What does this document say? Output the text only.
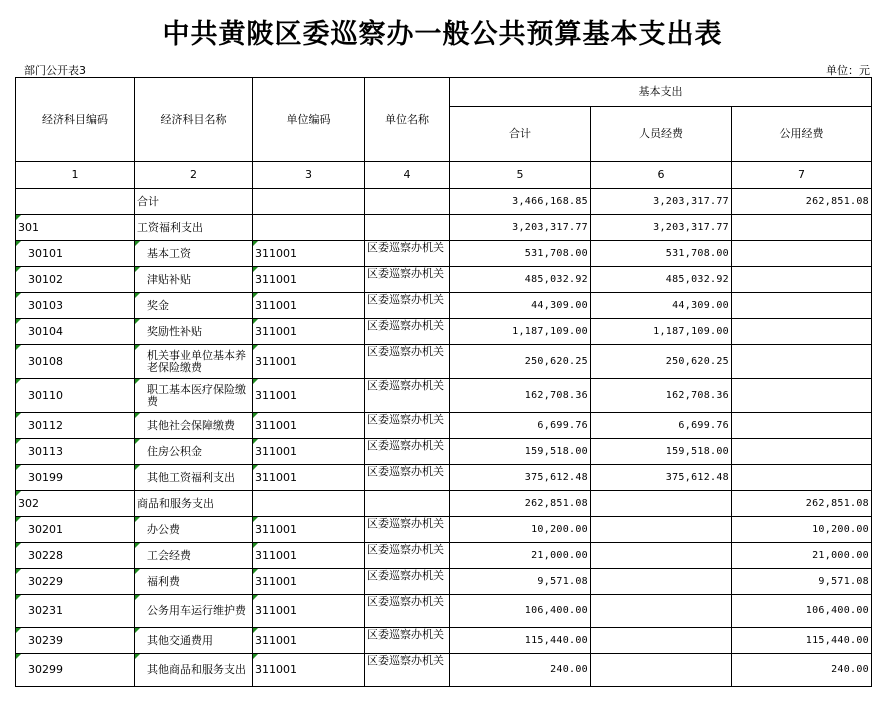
中共黄陂区委巡察办一般公共预算基本支出表
部门公开表3	单位：元
经济科目编码	经济科目名称	单位编码	单位名称	基本支出		
				合计	人员经费	公用经费
1	2	3	4	5	6	7
	合计			3,466,168.85	3,203,317.77	262,851.08
301	工资福利支出			3,203,317.77	3,203,317.77	
30101	基本工资	311001	区委巡察办机关	531,708.00	531,708.00	
30102	津贴补贴	311001	区委巡察办机关	485,032.92	485,032.92	
30103	奖金	311001	区委巡察办机关	44,309.00	44,309.00	
30104	奖励性补贴	311001	区委巡察办机关	1,187,109.00	1,187,109.00	
30108	机关事业单位基本养老保险缴费	311001	区委巡察办机关	250,620.25	250,620.25	
30110	职工基本医疗保险缴费	311001	区委巡察办机关	162,708.36	162,708.36	
30112	其他社会保障缴费	311001	区委巡察办机关	6,699.76	6,699.76	
30113	住房公积金	311001	区委巡察办机关	159,518.00	159,518.00	
30199	其他工资福利支出	311001	区委巡察办机关	375,612.48	375,612.48	
302	商品和服务支出			262,851.08		262,851.08
30201	办公费	311001	区委巡察办机关	10,200.00		10,200.00
30228	工会经费	311001	区委巡察办机关	21,000.00		21,000.00
30229	福利费	311001	区委巡察办机关	9,571.08		9,571.08
30231	公务用车运行维护费	311001	区委巡察办机关	106,400.00		106,400.00
30239	其他交通费用	311001	区委巡察办机关	115,440.00		115,440.00
30299	其他商品和服务支出	311001	区委巡察办机关	240.00		240.00
